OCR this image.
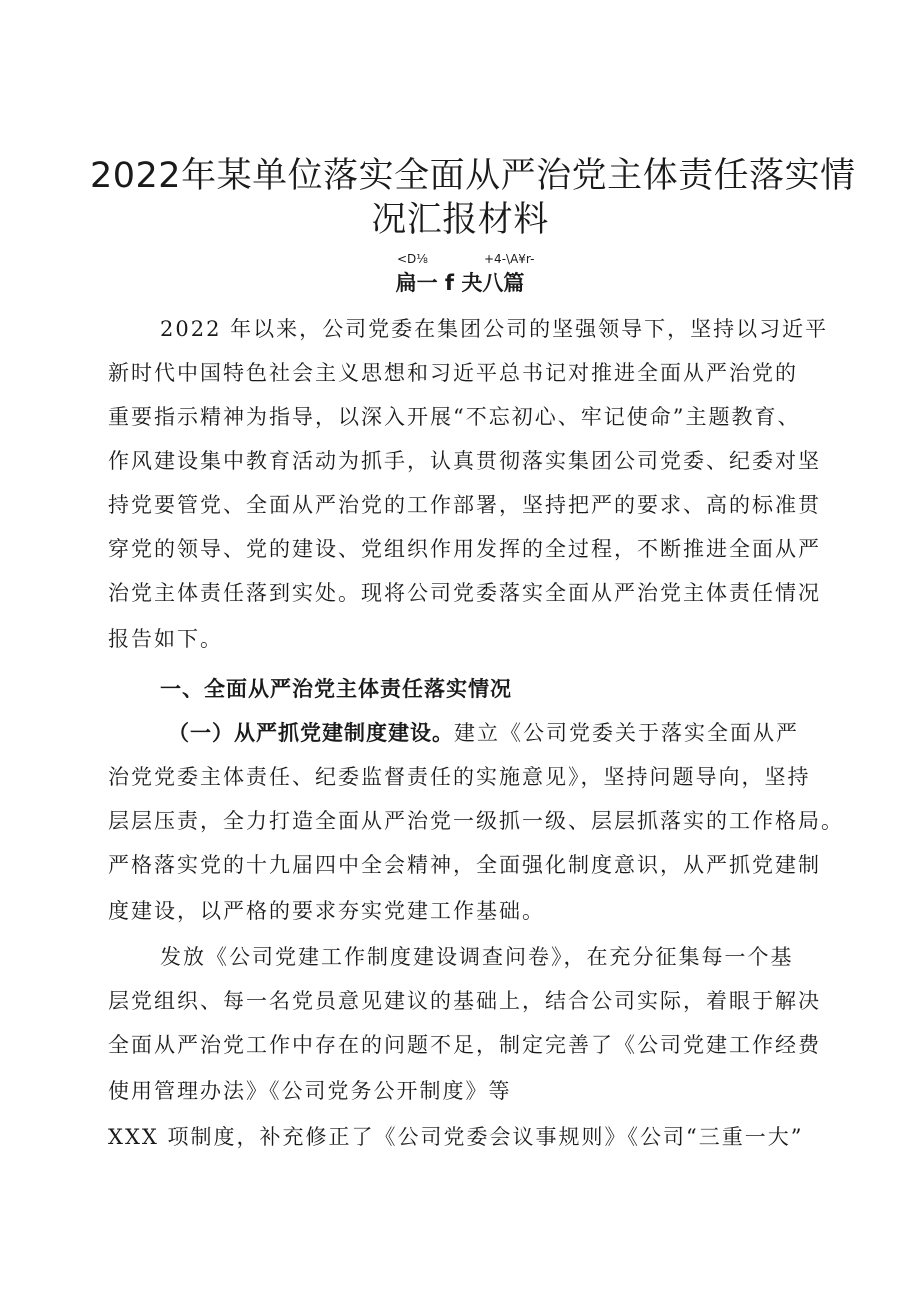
2022年某单位落实全面从严治党主体责任落实情
况汇报材料
<D⅛	+4-\A¥r-
扁一 f 夬八篇
2022 年以来，公司党委在集团公司的坚强领导下，坚持以习近平
新时代中国特色社会主义思想和习近平总书记对推进全面从严治党的
重要指示精神为指导，以深入开展“不忘初心、牢记使命”主题教育、
作风建设集中教育活动为抓手，认真贯彻落实集团公司党委、纪委对坚
持党要管党、全面从严治党的工作部署，坚持把严的要求、高的标准贯
穿党的领导、党的建设、党组织作用发挥的全过程，不断推进全面从严
治党主体责任落到实处。现将公司党委落实全面从严治党主体责任情况
报告如下。
一、全面从严治党主体责任落实情况
（一）从严抓党建制度建设。建立《公司党委关于落实全面从严
治党党委主体责任、纪委监督责任的实施意见》，坚持问题导向，坚持
层层压责，全力打造全面从严治党一级抓一级、层层抓落实的工作格局。
严格落实党的十九届四中全会精神，全面强化制度意识，从严抓党建制
度建设，以严格的要求夯实党建工作基础。
发放《公司党建工作制度建设调查问卷》，在充分征集每一个基
层党组织、每一名党员意见建议的基础上，结合公司实际，着眼于解决
全面从严治党工作中存在的问题不足，制定完善了《公司党建工作经费
使用管理办法》《公司党务公开制度》等
XXX 项制度，补充修正了《公司党委会议事规则》《公司“三重一大”
